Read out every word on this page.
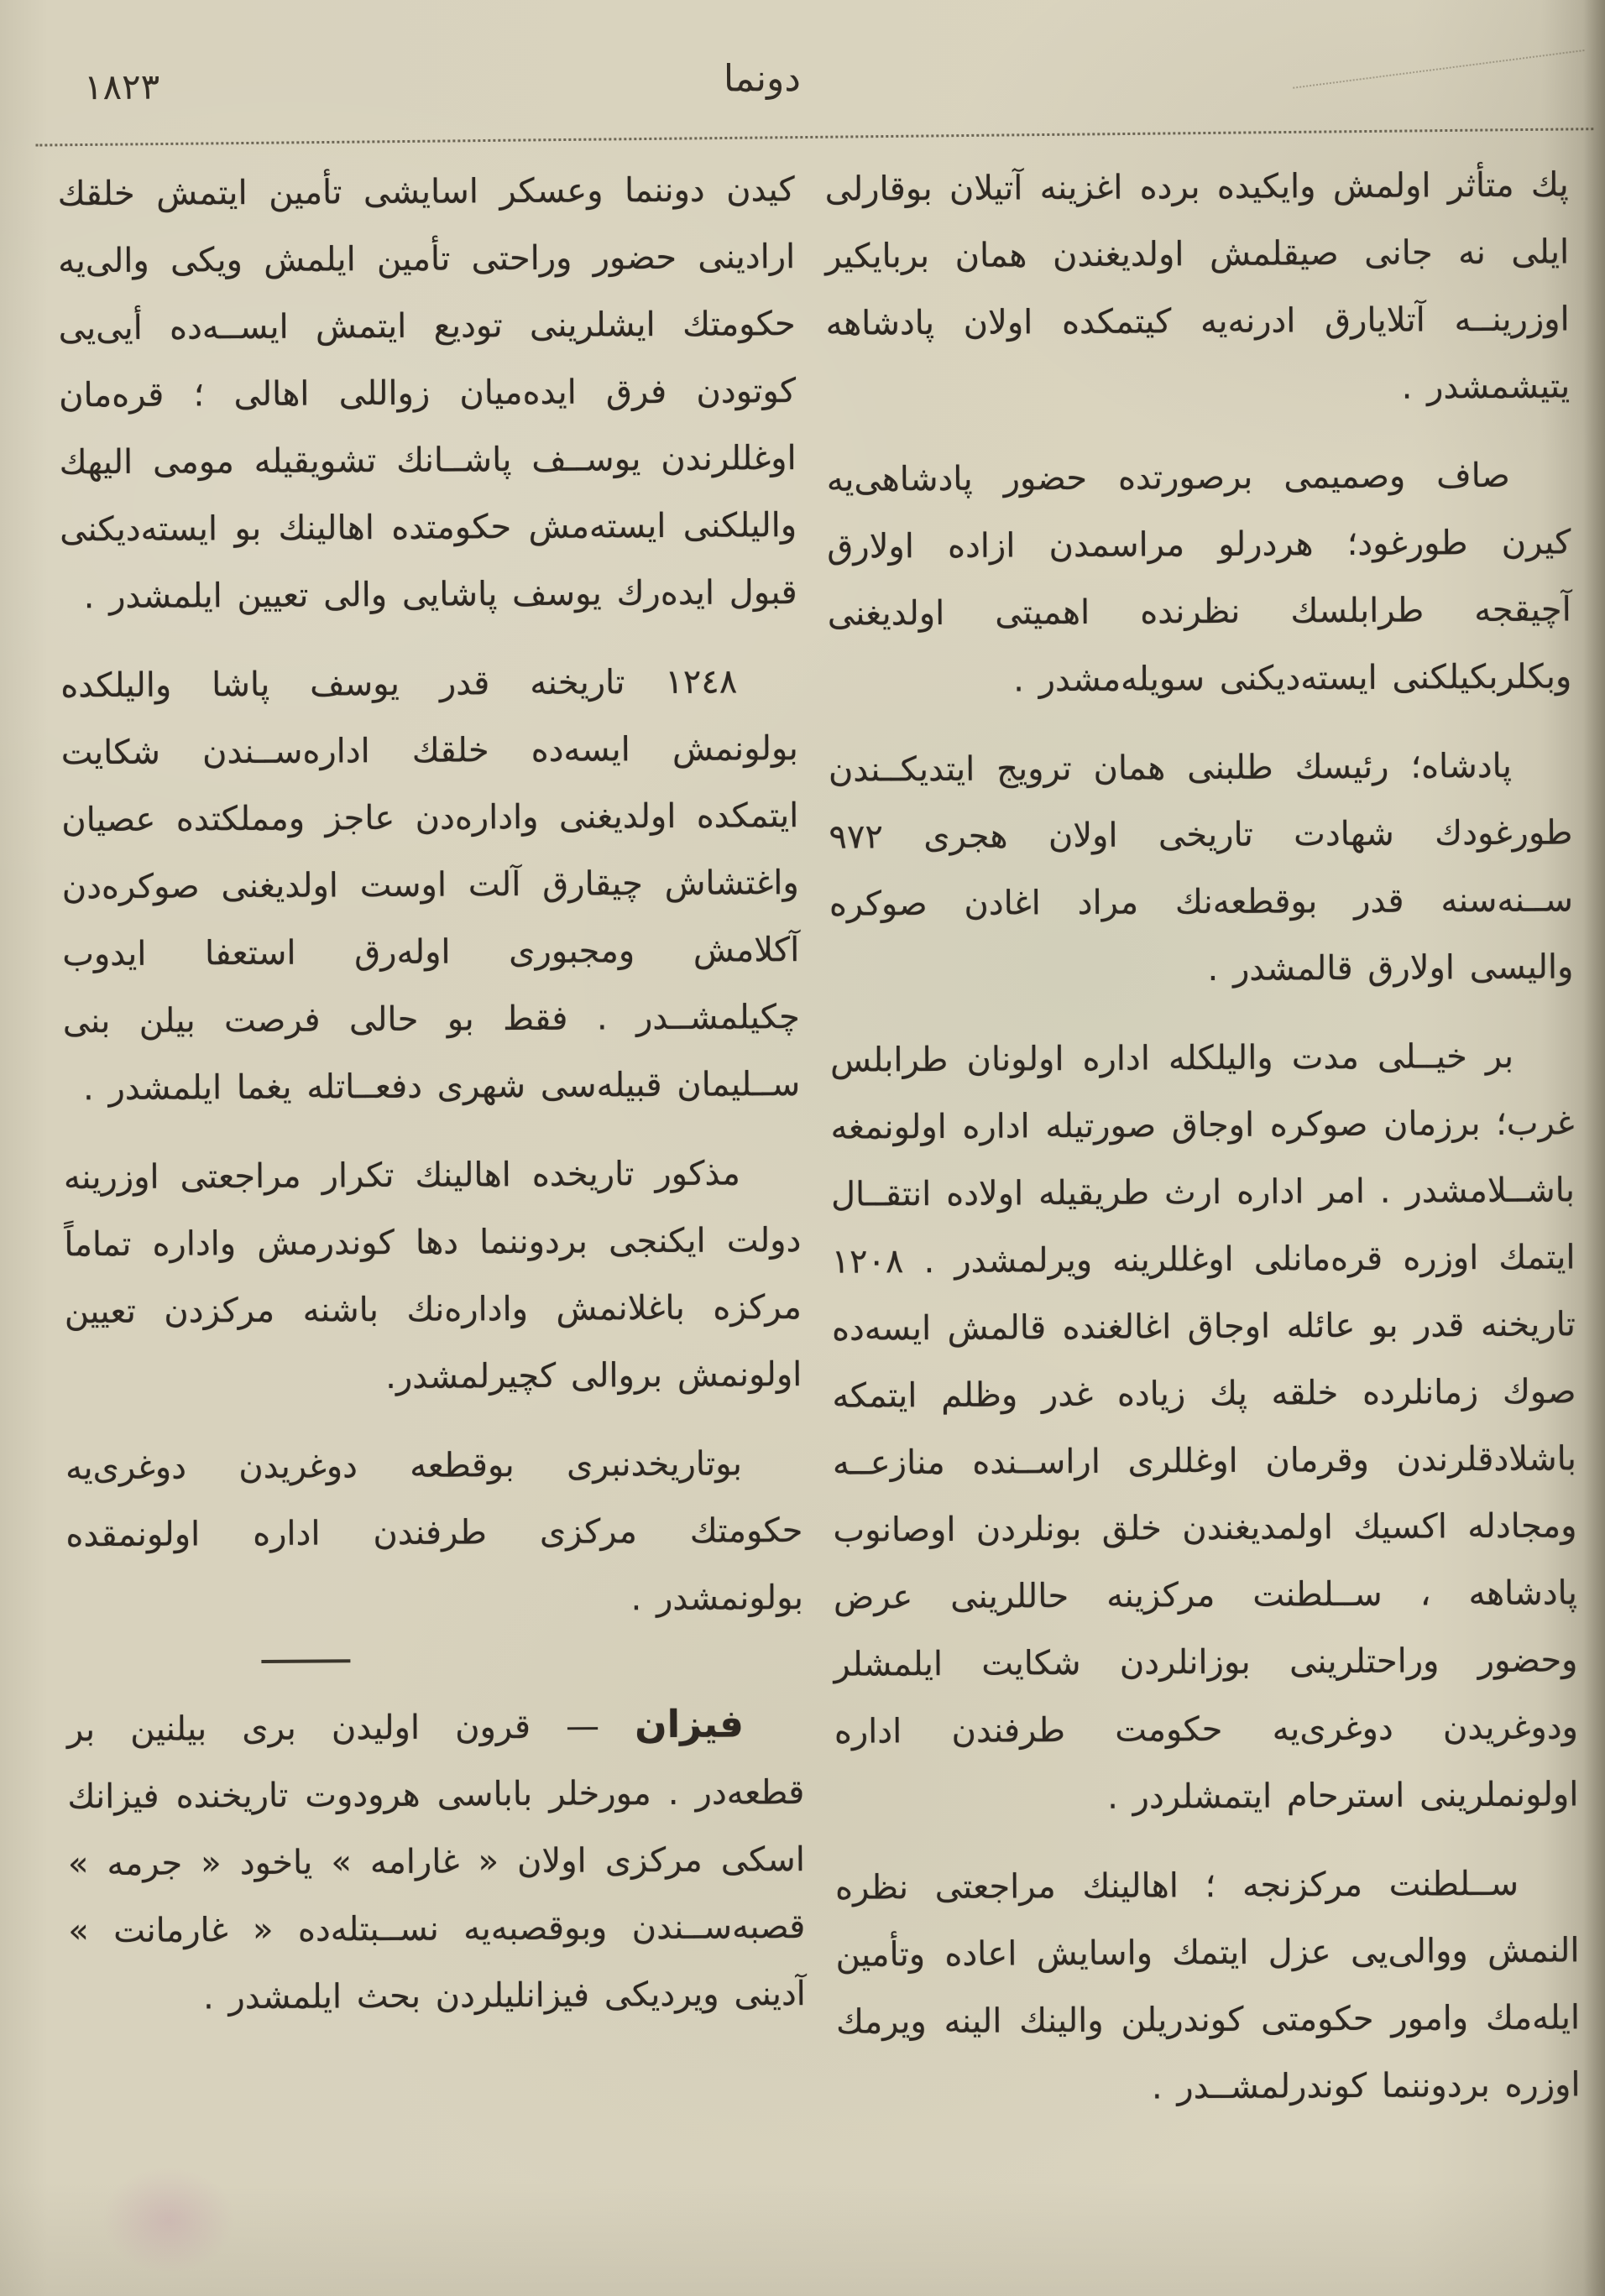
١٨٢٣	دونما

پك متأثر اولمش وايكيده برده اغزينه آتيلان بوقارلى ايلى نه جانى صيقلمش اولديغندن همان بربايكير اوزرينــه آتلايارق ادرنه‌يه كيتمكده اولان پادشاهه يتيشمشدر .

صاف وصميمى برصورتده حضور پادشاهى‌يه كيرن طورغود؛ هردرلو مراسمدن ازاده اولارق آچيقجه طرابلسك نظرنده اهميتى اولديغنى وبكلربكيلكنى ايسته‌ديكنى سويله‌مشدر .

پادشاه؛ رئيسك طلبنى همان ترويج ايتديكــندن طورغودك شهادت تاريخى اولان هجرى ٩٧٢ ســنه‌سنه قدر بوقطعه‌نك مراد اغادن صوكره واليسى اولارق قالمشدر .

بر خيــلى مدت واليلكله اداره اولونان طرابلس غرب؛ برزمان صوكره اوجاق صورتيله اداره اولونمغه باشــلامشدر . امر اداره ارث طريقيله اولاده انتقــال ايتمك اوزره قره‌مانلى اوغللرينه ويرلمشدر . ١٢٠٨ تاريخنه قدر بو عائله اوجاق اغالغنده قالمش ايسه‌ده صوك زمانلرده خلقه پك زياده غدر وظلم ايتمكه باشلادقلرندن وقرمان اوغللرى اراســنده منازعــه ومجادله اكسيك اولمديغندن خلق بونلردن اوصانوب پادشاهه ، ســلطنت مركزينه حاللرينى عرض وحضور وراحتلرينى بوزانلردن شكايت ايلمشلر ودوغريدن دوغرى‌يه حكومت طرفندن اداره اولونملرينى استرحام ايتمشلردر .

ســلطنت مركزنجه ؛ اهالينك مراجعتى نظره النمش ووالى‌يى عزل ايتمك واسايش اعاده وتأمين ايله‌مك وامور حكومتى كوندريلن والينك الينه ويرمك اوزره بردوننما كوندرلمشــدر .

كيدن دوننما وعسكر اسايشى تأمين ايتمش خلقك ارادينى حضور وراحتى تأمين ايلمش ويكى والى‌يه حكومتك ايشلرينى توديع ايتمش ايســه‌ده أيى‌يى كوتودن فرق ايده‌ميان زواللى اهالى ؛ قره‌مان اوغللرندن يوســف پاشــانك تشويقيله مومى اليهك واليلكنى ايسته‌مش حكومتده اهالينك بو ايسته‌ديكنى قبول ايده‌رك يوسف پاشايى والى تعيين ايلمشدر .

١٢٤٨ تاريخنه قدر يوسف پاشا واليلكده بولونمش ايسه‌ده خلقك اداره‌ســندن شكايت ايتمكده اولديغنى واداره‌دن عاجز ومملكتده عصيان واغتشاش چيقارق آلت اوست اولديغنى صوكره‌دن آكلامش ومجبورى اوله‌رق استعفا ايدوب چكيلمشــدر . فقط بو حالى فرصت بيلن بنى ســليمان قبيله‌سى شهرى دفعــاتله يغما ايلمشدر .

مذكور تاريخده اهالينك تكرار مراجعتى اوزرينه دولت ايكنجى بردوننما دها كوندرمش واداره تماماً مركزه باغلانمش واداره‌نك باشنه مركزدن تعيين اولونمش بروالى كچيرلمشدر.

بوتاريخدنبرى بوقطعه دوغريدن دوغرى‌يه حكومتك مركزى طرفندن اداره اولونمقده بولونمشدر .

فيزان — قرون اوليدن برى بيلنين بر قطعه‌در . مورخلر باباسى هرودوت تاريخنده فيزانك اسكى مركزى اولان « غارامه » ياخود « جرمه » قصبه‌ســندن وبوقصبه‌يه نســبتله‌ده « غارمانت » آدينى ويرديكى فيزانليلردن بحث ايلمشدر .
